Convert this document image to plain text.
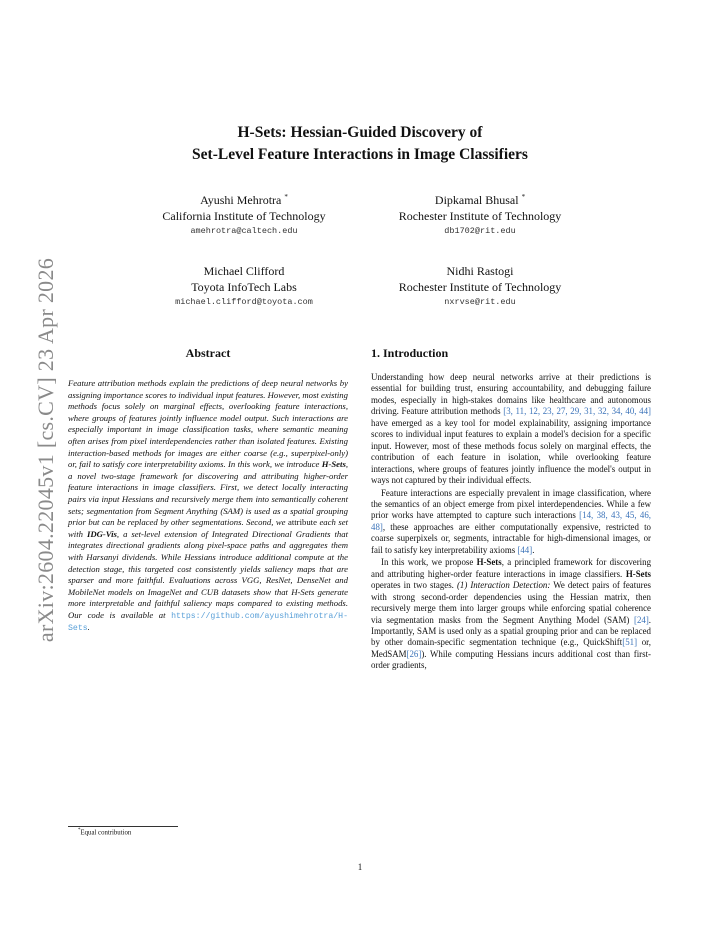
arXiv:2604.22045v1 [cs.CV] 23 Apr 2026
H-Sets: Hessian-Guided Discovery of
Set-Level Feature Interactions in Image Classifiers
Ayushi Mehrotra *
California Institute of Technology
amehrotra@caltech.edu
Dipkamal Bhusal *
Rochester Institute of Technology
db1702@rit.edu
Michael Clifford
Toyota InfoTech Labs
michael.clifford@toyota.com
Nidhi Rastogi
Rochester Institute of Technology
nxrvse@rit.edu
Abstract
Feature attribution methods explain the predictions of deep neural networks by assigning importance scores to individual input features. However, most existing methods focus solely on marginal effects, overlooking feature interactions, where groups of features jointly influence model output. Such interactions are especially important in image classification tasks, where semantic meaning often arises from pixel interdependencies rather than isolated features. Existing interaction-based methods for images are either coarse (e.g., superpixel-only) or, fail to satisfy core interpretability axioms. In this work, we introduce H-Sets, a novel two-stage framework for discovering and attributing higher-order feature interactions in image classifiers. First, we detect locally interacting pairs via input Hessians and recursively merge them into semantically coherent sets; segmentation from Segment Anything (SAM) is used as a spatial grouping prior but can be replaced by other segmentations. Second, we attribute each set with IDG-Vis, a set-level extension of Integrated Directional Gradients that integrates directional gradients along pixel-space paths and aggregates them with Harsanyi dividends. While Hessians introduce additional compute at the detection stage, this targeted cost consistently yields saliency maps that are sparser and more faithful. Evaluations across VGG, ResNet, DenseNet and MobileNet models on ImageNet and CUB datasets show that H-Sets generate more interpretable and faithful saliency maps compared to existing methods. Our code is available at https://github.com/ayushimehrotra/H-Sets.
1. Introduction

Understanding how deep neural networks arrive at their predictions is essential for building trust, ensuring accountability, and debugging failure modes, especially in high-stakes domains like healthcare and autonomous driving. Feature attribution methods [3, 11, 12, 23, 27, 29, 31, 32, 34, 40, 44] have emerged as a key tool for model explainability, assigning importance scores to individual input features to explain a model's decision for a specific input. However, most of these methods focus solely on marginal effects, the contribution of each feature in isolation, while overlooking feature interactions, where groups of features jointly influence the model's output in ways not captured by their individual effects.

Feature interactions are especially prevalent in image classification, where the semantics of an object emerge from pixel interdependencies. While a few prior works have attempted to capture such interactions [14, 38, 43, 45, 46, 48], these approaches are either computationally expensive, restricted to coarse superpixels or, segments, intractable for high-dimensional images, or fail to satisfy key interpretability axioms [44].

In this work, we propose H-Sets, a principled framework for discovering and attributing higher-order feature interactions in image classifiers. H-Sets operates in two stages. (1) Interaction Detection: We detect pairs of features with strong second-order dependencies using the Hessian matrix, then recursively merge them into larger groups while enforcing spatial coherence via segmentation masks from the Segment Anything Model (SAM) [24]. Importantly, SAM is used only as a spatial grouping prior and can be replaced by other domain-specific segmentation technique (e.g., QuickShift[51] or, MedSAM[26]). While computing Hessians incurs additional cost than first-order gradients,

*Equal contribution
1
